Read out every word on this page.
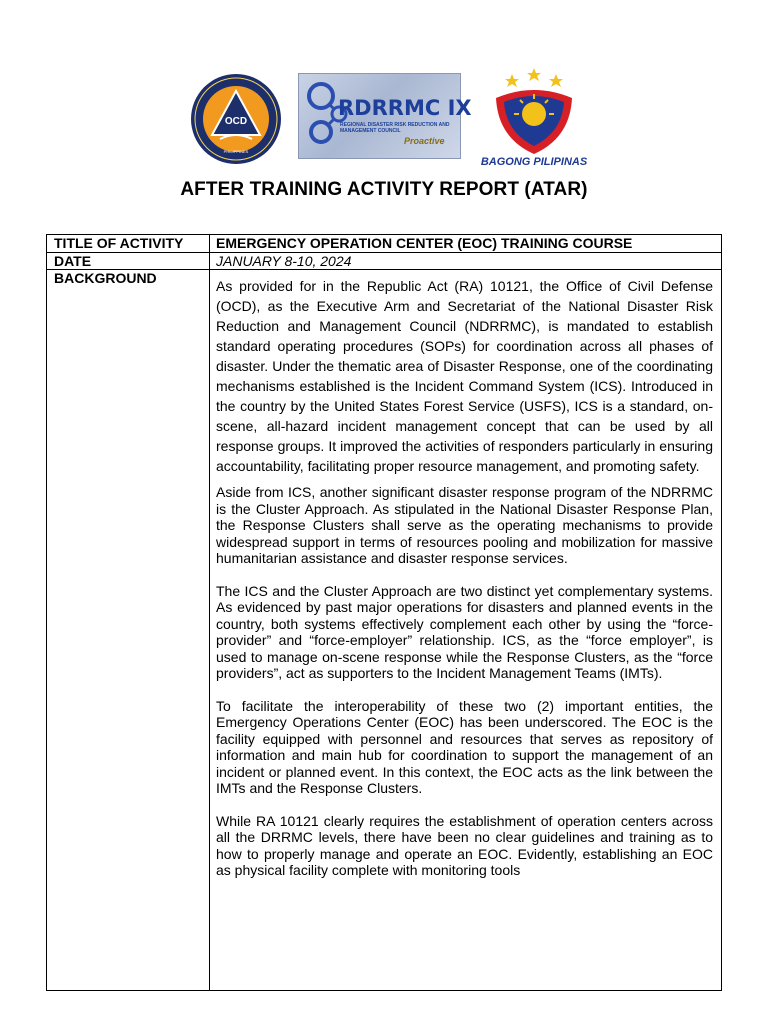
OCD
PHILIPPINES
RDRRMC IX
REGIONAL DISASTER RISK REDUCTION AND MANAGEMENT COUNCIL
Proactive
BAGONG PILIPINAS
AFTER TRAINING ACTIVITY REPORT (ATAR)
TITLE OF ACTIVITY	EMERGENCY OPERATION CENTER (EOC) TRAINING COURSE
DATE	JANUARY 8-10, 2024
BACKGROUND	As provided for in the Republic Act (RA) 10121, the Office of Civil Defense (OCD), as the Executive Arm and Secretariat of the National Disaster Risk Reduction and Management Council (NDRRMC), is mandated to establish standard operating procedures (SOPs) for coordination across all phases of disaster. Under the thematic area of Disaster Response, one of the coordinating mechanisms established is the Incident Command System (ICS). Introduced in the country by the United States Forest Service (USFS), ICS is a standard, on-scene, all-hazard incident management concept that can be used by all response groups. It improved the activities of responders particularly in ensuring accountability, facilitating proper resource management, and promoting safety.

Aside from ICS, another significant disaster response program of the NDRRMC is the Cluster Approach. As stipulated in the National Disaster Response Plan, the Response Clusters shall serve as the operating mechanisms to provide widespread support in terms of resources pooling and mobilization for massive humanitarian assistance and disaster response services.

The ICS and the Cluster Approach are two distinct yet complementary systems. As evidenced by past major operations for disasters and planned events in the country, both systems effectively complement each other by using the “force-provider” and “force-employer” relationship. ICS, as the “force employer”, is used to manage on-scene response while the Response Clusters, as the “force providers”, act as supporters to the Incident Management Teams (IMTs).

To facilitate the interoperability of these two (2) important entities, the Emergency Operations Center (EOC) has been underscored. The EOC is the facility equipped with personnel and resources that serves as repository of information and main hub for coordination to support the management of an incident or planned event. In this context, the EOC acts as the link between the IMTs and the Response Clusters.

While RA 10121 clearly requires the establishment of operation centers across all the DRRMC levels, there have been no clear guidelines and training as to how to properly manage and operate an EOC. Evidently, establishing an EOC as physical facility complete with monitoring tools
